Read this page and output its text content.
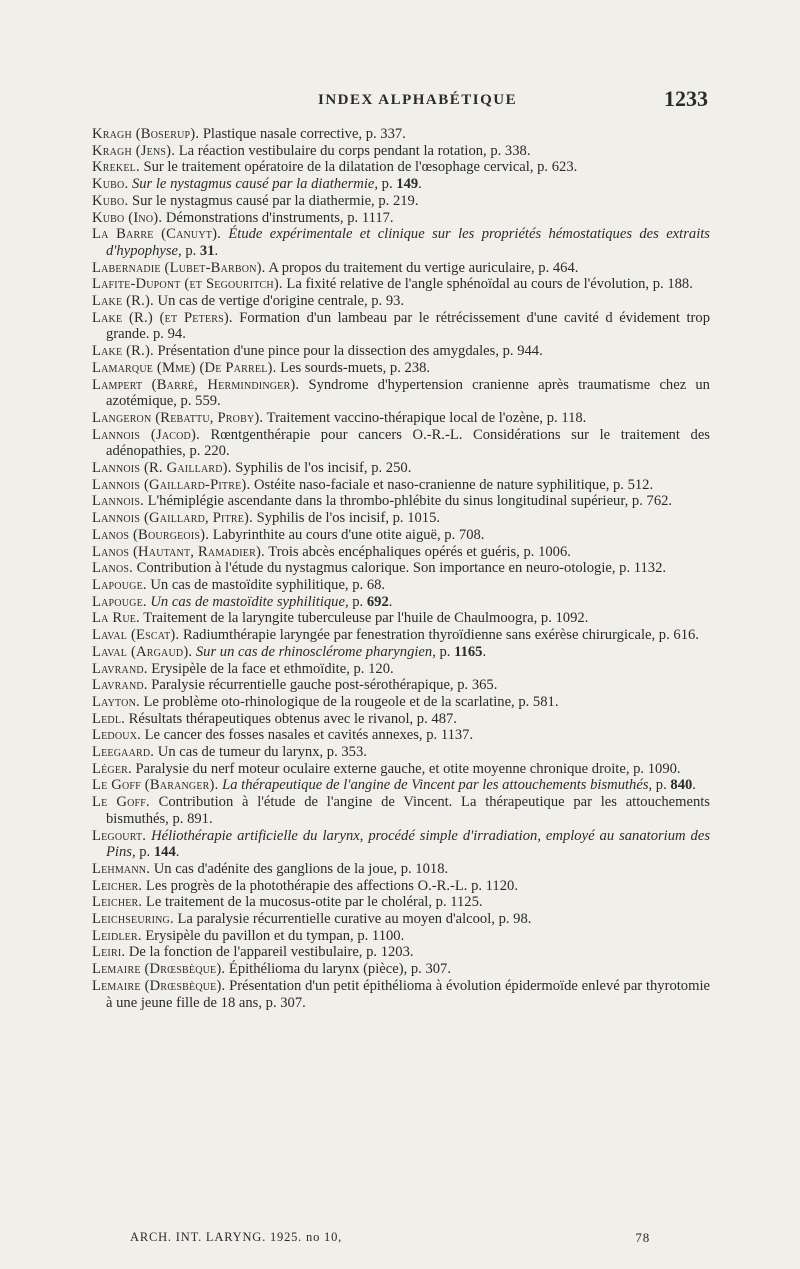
INDEX ALPHABÉTIQUE	1233

Kragh (Boserup). Plastique nasale corrective, p. 337.

Kragh (Jens). La réaction vestibulaire du corps pendant la rotation, p. 338.

Krekel. Sur le traitement opératoire de la dilatation de l'œsophage cervical, p. 623.

Kubo. Sur le nystagmus causé par la diathermie, p. 149.

Kubo. Sur le nystagmus causé par la diathermie, p. 219.

Kubo (Ino). Démonstrations d'instruments, p. 1117.

La Barre (Canuyt). Étude expérimentale et clinique sur les propriétés hémostatiques des extraits d'hypophyse, p. 31.

Labernadie (Lubet-Barbon). A propos du traitement du vertige auriculaire, p. 464.

Lafite-Dupont (et Segouritch). La fixité relative de l'angle sphénoïdal au cours de l'évolution, p. 188.

Lake (R.). Un cas de vertige d'origine centrale, p. 93.

Lake (R.) (et Peters). Formation d'un lambeau par le rétrécissement d'une cavité d évidement trop grande. p. 94.

Lake (R.). Présentation d'une pince pour la dissection des amygdales, p. 944.

Lamarque (Mme) (De Parrel). Les sourds-muets, p. 238.

Lampert (Barré, Hermindinger). Syndrome d'hypertension cranienne après traumatisme chez un azotémique, p. 559.

Langeron (Rebattu, Proby). Traitement vaccino-thérapique local de l'ozène, p. 118.

Lannois (Jacod). Rœntgenthérapie pour cancers O.-R.-L. Considérations sur le traitement des adénopathies, p. 220.

Lannois (R. Gaillard). Syphilis de l'os incisif, p. 250.

Lannois (Gaillard-Pitre). Ostéite naso-faciale et naso-cranienne de nature syphilitique, p. 512.

Lannois. L'hémiplégie ascendante dans la thrombo-phlébite du sinus longitudinal supérieur, p. 762.

Lannois (Gaillard, Pitre). Syphilis de l'os incisif, p. 1015.

Lanos (Bourgeois). Labyrinthite au cours d'une otite aiguë, p. 708.

Lanos (Hautant, Ramadier). Trois abcès encéphaliques opérés et guéris, p. 1006.

Lanos. Contribution à l'étude du nystagmus calorique. Son importance en neuro-otologie, p. 1132.

Lapouge. Un cas de mastoïdite syphilitique, p. 68.

Lapouge. Un cas de mastoïdite syphilitique, p. 692.

La Rue. Traitement de la laryngite tuberculeuse par l'huile de Chaulmoogra, p. 1092.

Laval (Escat). Radiumthérapie laryngée par fenestration thyroïdienne sans exérèse chirurgicale, p. 616.

Laval (Argaud). Sur un cas de rhinosclérome pharyngien, p. 1165.

Lavrand. Erysipèle de la face et ethmoïdite, p. 120.

Lavrand. Paralysie récurrentielle gauche post-sérothérapique, p. 365.

Layton. Le problème oto-rhinologique de la rougeole et de la scarlatine, p. 581.

Ledl. Résultats thérapeutiques obtenus avec le rivanol, p. 487.

Ledoux. Le cancer des fosses nasales et cavités annexes, p. 1137.

Leegaard. Un cas de tumeur du larynx, p. 353.

Léger. Paralysie du nerf moteur oculaire externe gauche, et otite moyenne chronique droite, p. 1090.

Le Goff (Baranger). La thérapeutique de l'angine de Vincent par les attouchements bismuthés, p. 840.

Le Goff. Contribution à l'étude de l'angine de Vincent. La thérapeutique par les attouchements bismuthés, p. 891.

Legourt. Héliothérapie artificielle du larynx, procédé simple d'irradiation, employé au sanatorium des Pins, p. 144.

Lehmann. Un cas d'adénite des ganglions de la joue, p. 1018.

Leicher. Les progrès de la photothérapie des affections O.-R.-L. p. 1120.

Leicher. Le traitement de la mucosus-otite par le choléral, p. 1125.

Leichseuring. La paralysie récurrentielle curative au moyen d'alcool, p. 98.

Leidler. Erysipèle du pavillon et du tympan, p. 1100.

Leiri. De la fonction de l'appareil vestibulaire, p. 1203.

Lemaire (Drœsbèque). Épithélioma du larynx (pièce), p. 307.

Lemaire (Drœsbèque). Présentation d'un petit épithélioma à évolution épidermoïde enlevé par thyrotomie à une jeune fille de 18 ans, p. 307.

ARCH. INT. LARYNG. 1925. no 10,	78
